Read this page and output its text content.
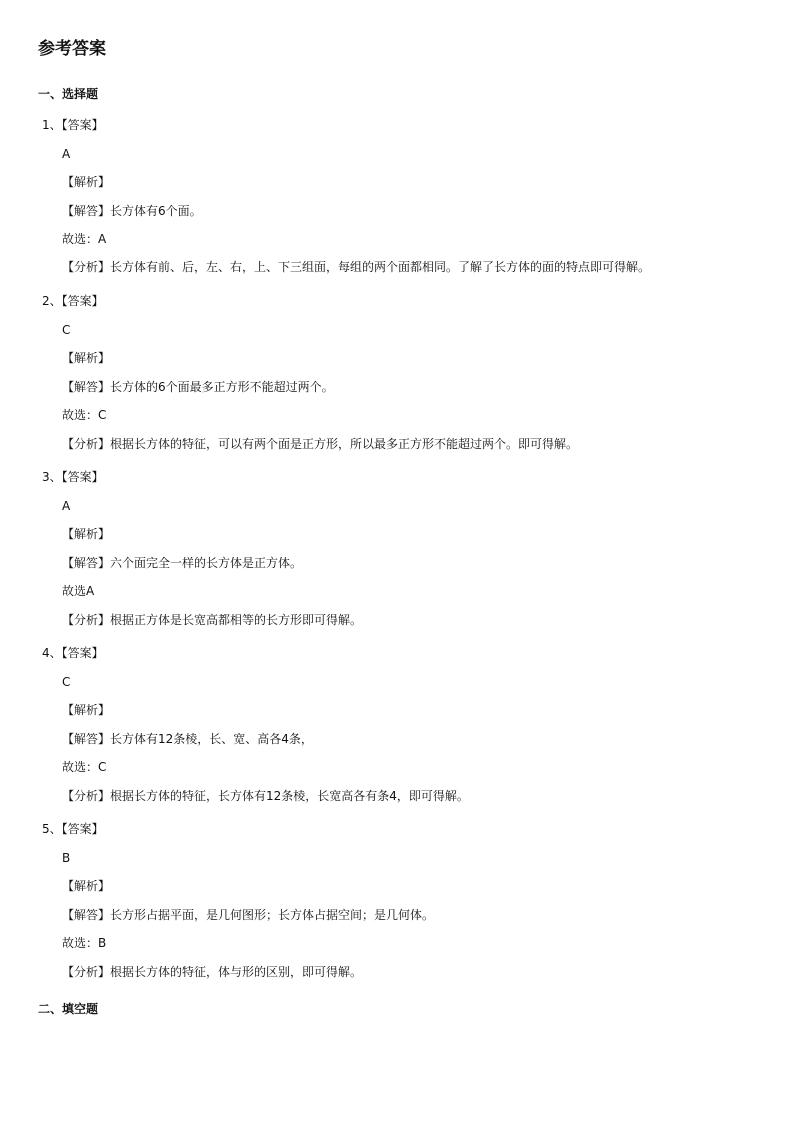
参考答案
一、选择题
1、【答案】
A
【解析】
【解答】长方体有6个面。
故选：A
【分析】长方体有前、后，左、右，上、下三组面，每组的两个面都相同。了解了长方体的面的特点即可得解。
2、【答案】
C
【解析】
【解答】长方体的6个面最多正方形不能超过两个。
故选：C
【分析】根据长方体的特征，可以有两个面是正方形，所以最多正方形不能超过两个。即可得解。
3、【答案】
A
【解析】
【解答】六个面完全一样的长方体是正方体。
故选A
【分析】根据正方体是长宽高都相等的长方形即可得解。
4、【答案】
C
【解析】
【解答】长方体有12条棱，长、宽、高各4条，
故选：C
【分析】根据长方体的特征，长方体有12条棱，长宽高各有条4，即可得解。
5、【答案】
B
【解析】
【解答】长方形占据平面，是几何图形；长方体占据空间；是几何体。
故选：B
【分析】根据长方体的特征，体与形的区别，即可得解。
二、填空题
